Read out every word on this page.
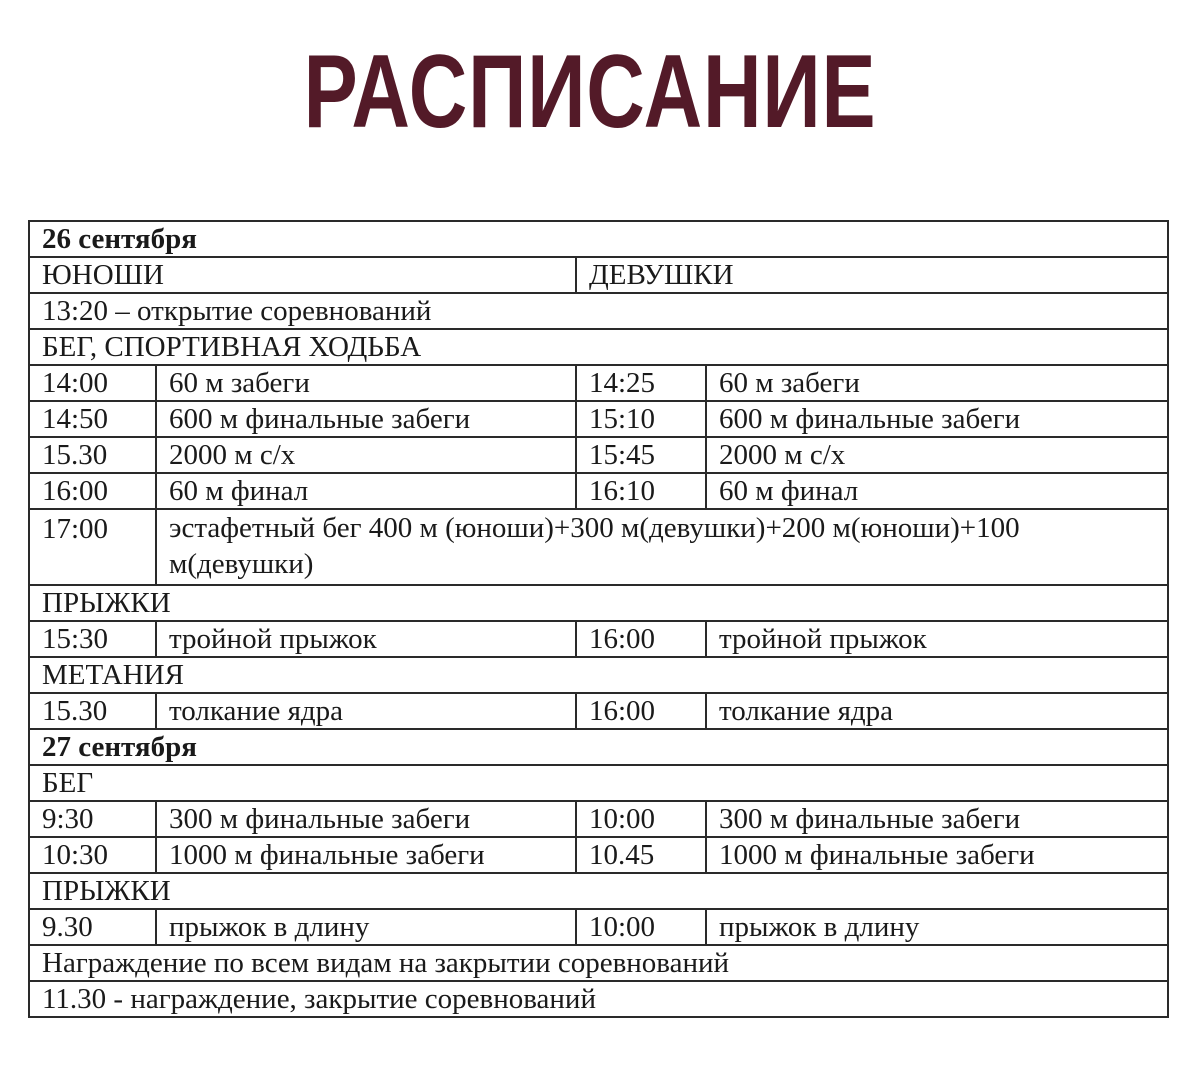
РАСПИСАНИЕ
26 сентября			
ЮНОШИ		ДЕВУШКИ	
13:20 – открытие соревнований			
БЕГ, СПОРТИВНАЯ ХОДЬБА			
14:00	60 м забеги	14:25	60 м забеги
14:50	600 м финальные забеги	15:10	600 м финальные забеги
15.30	2000 м с/х	15:45	2000 м с/х
16:00	60 м финал	16:10	60 м финал
17:00	эстафетный бег 400 м (юноши)+300 м(девушки)+200 м(юноши)+100 м(девушки)		
ПРЫЖКИ			
15:30	тройной прыжок	16:00	тройной прыжок
МЕТАНИЯ			
15.30	толкание ядра	16:00	толкание ядра
27 сентября			
БЕГ			
9:30	300 м финальные забеги	10:00	300 м финальные забеги
10:30	1000 м финальные забеги	10.45	1000 м финальные забеги
ПРЫЖКИ			
9.30	прыжок в длину	10:00	прыжок в длину
Награждение по всем видам на закрытии соревнований			
11.30 - награждение, закрытие соревнований			
